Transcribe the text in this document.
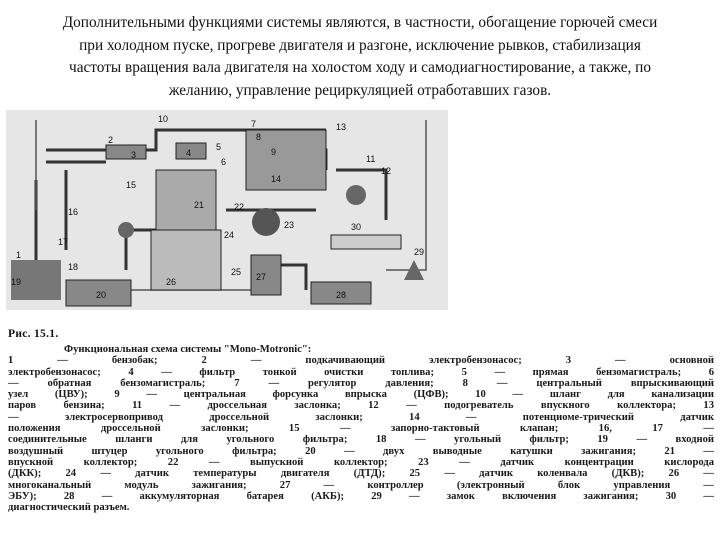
Дополнительными функциями системы являются, в частности, обогащение горючей смеси
при холодном пуске, прогреве двигателя и разгоне, исключение рывков, стабилизация
частоты вращения вала двигателя на холостом ходу и самодиагностирование, а также, по
желанию, управление рециркуляцией отработавших газов.
1
2
3	4
5
6
7
8
9
10
11
12
13
14
15
16
17
18
19
20
21	22
23
24
25
26	27
28
29
30
Рис. 15.1.
Функциональная схема системы "Mono-Motronic":
1 — бензобак; 2 — подкачивающий электробензонасос; 3 — основной
электробензонасос; 4 — фильтр тонкой очистки топлива; 5 — прямая бензомагистраль; 6
— обратная бензомагистраль; 7 — регулятор давления; 8 — центральный впрыскивающий
узел (ЦВУ); 9 — центральная форсунка впрыска (ЦФВ); 10 — шланг для канализации
паров бензина; 11 — дроссельная заслонка; 12 — подогреватель впускного коллектора; 13
— электросервопривод дроссельной заслонки; 14 — потенциоме-трический датчик
положения дроссельной заслонки; 15 — запорно-тактовый клапан; 16, 17 —
соединительные шланги для угольного фильтра; 18 — угольный фильтр; 19 — входной
воздушный штуцер угольного фильтра; 20 — двух выводные катушки зажигания; 21 —
впускной коллектор; 22 — выпускной коллектор; 23 — датчик концентрации кислорода
(ДКК); 24 — датчик температуры двигателя (ДТД); 25 — датчик коленвала (ДКВ); 26 —
многоканальный модуль зажигания; 27 — контроллер (электронный блок управления —
ЭБУ); 28 — аккумуляторная батарея (АКБ); 29 — замок включения зажигания; 30 —
диагностический разъем.
